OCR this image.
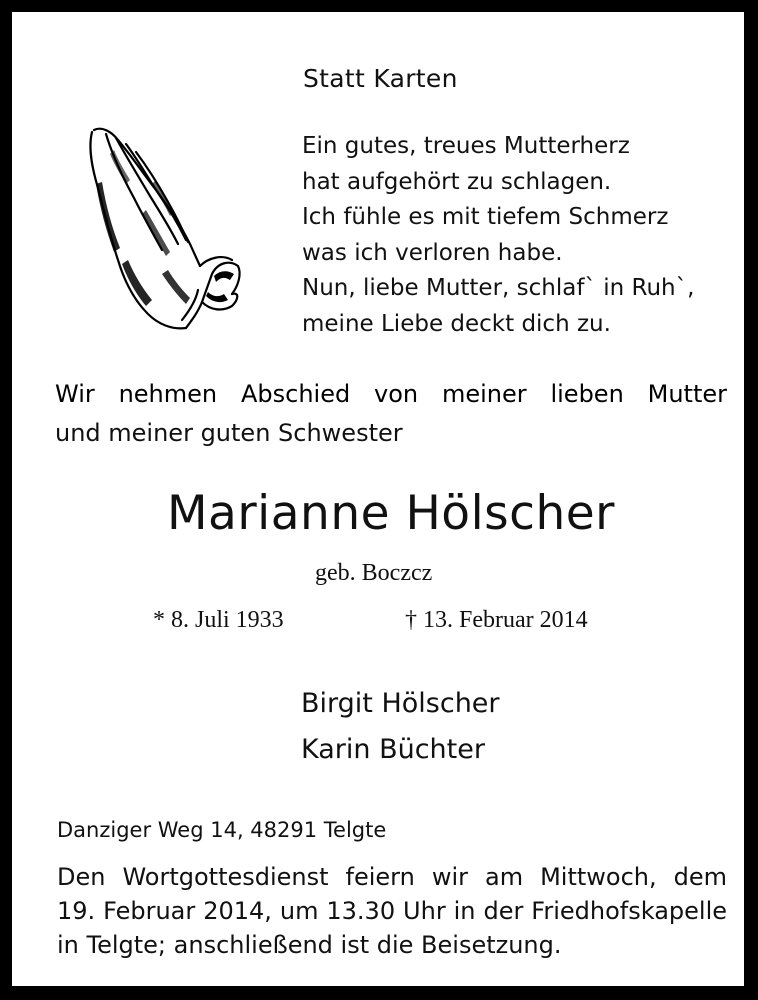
Statt Karten
Ein gutes, treues Mutterherz
hat aufgehört zu schlagen.
Ich fühle es mit tiefem Schmerz
was ich verloren habe.
Nun, liebe Mutter, schlaf` in Ruh`,
meine Liebe deckt dich zu.
Wir nehmen Abschied von meiner lieben Mutter
und meiner guten Schwester
Marianne Hölscher
geb. Boczcz
* 8. Juli 1933	† 13. Februar 2014
Birgit Hölscher
Karin Büchter
Danziger Weg 14, 48291 Telgte
Den Wortgottesdienst feiern wir am Mittwoch, dem
19. Februar 2014, um 13.30 Uhr in der Friedhofskapelle
in Telgte; anschließend ist die Beisetzung.
